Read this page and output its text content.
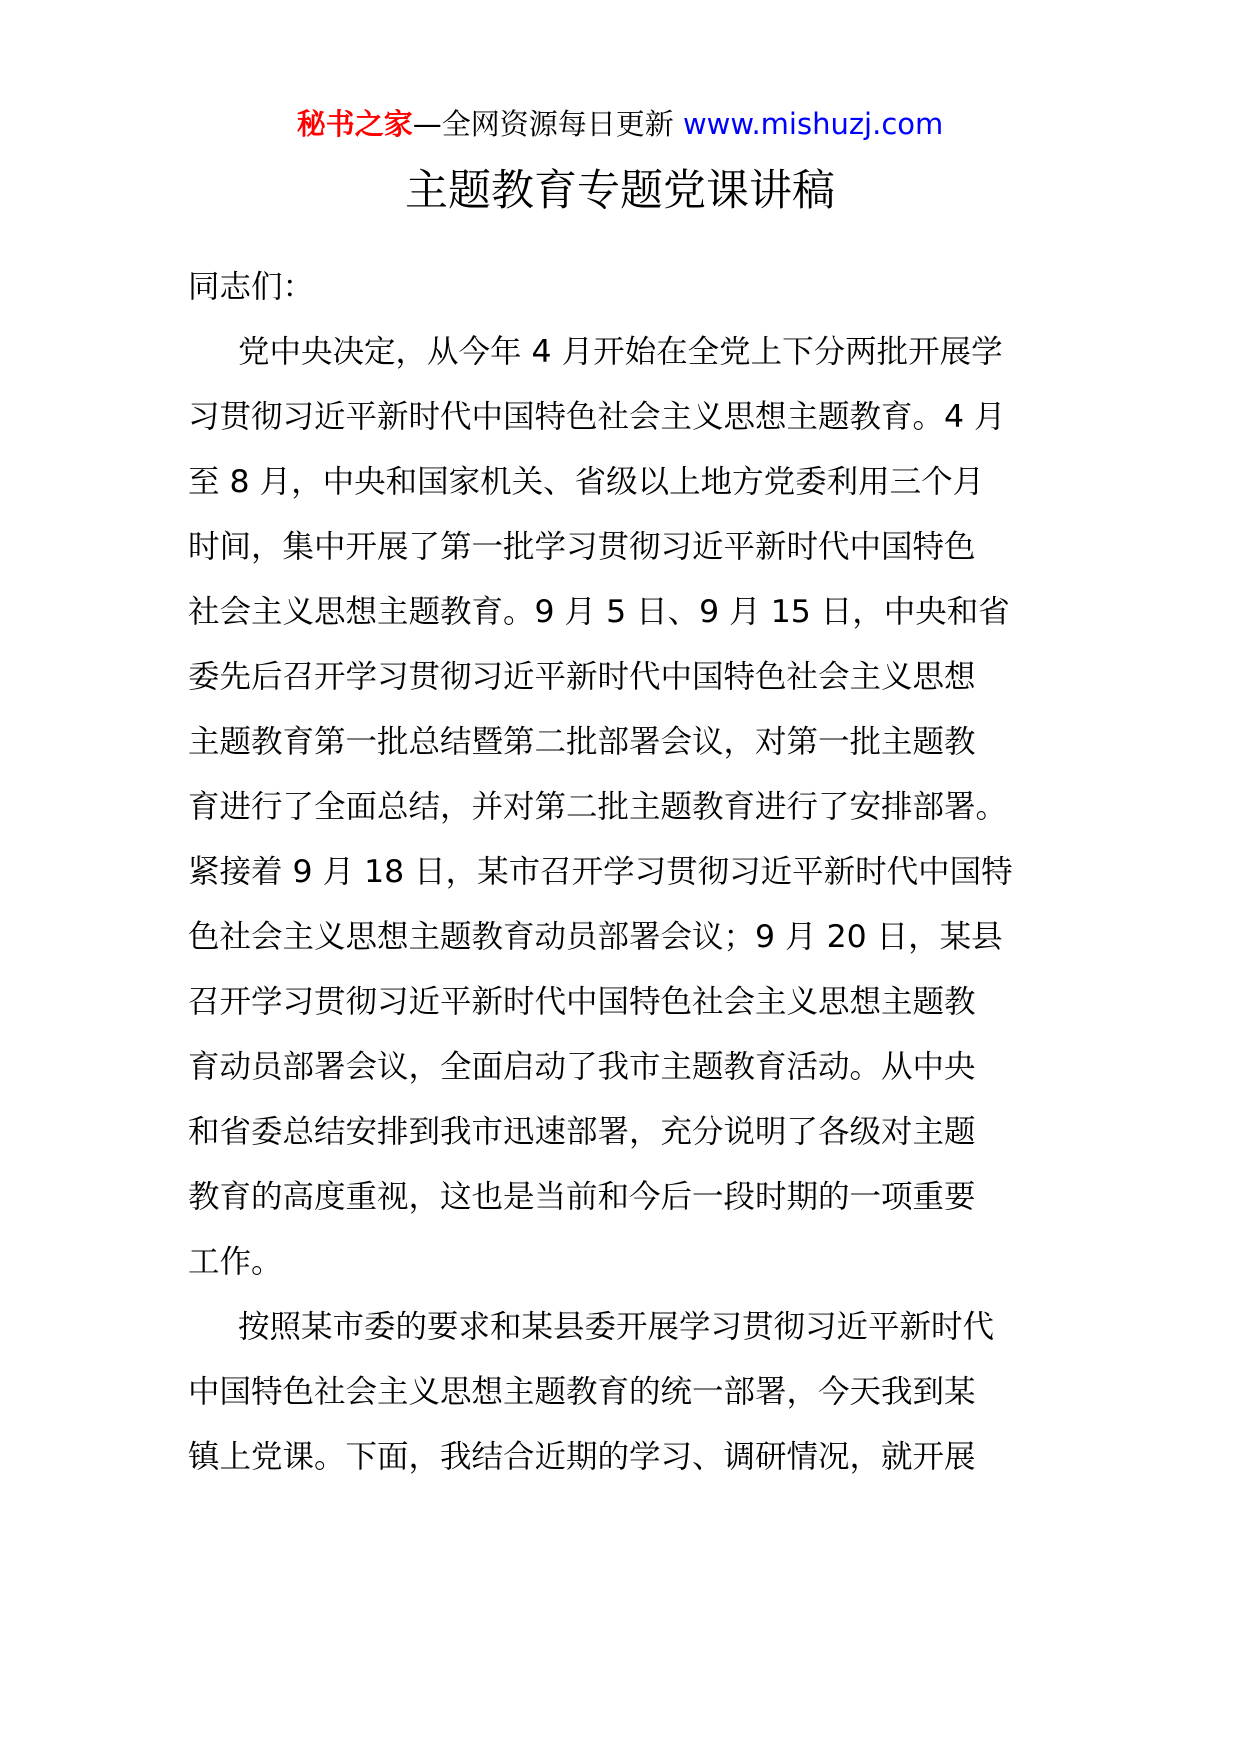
秘书之家—全网资源每日更新 www.mishuzj.com
主题教育专题党课讲稿

同志们：

党中央决定，从今年 4 月开始在全党上下分两批开展学
习贯彻习近平新时代中国特色社会主义思想主题教育。4 月
至 8 月，中央和国家机关、省级以上地方党委利用三个月
时间，集中开展了第一批学习贯彻习近平新时代中国特色
社会主义思想主题教育。9 月 5 日、9 月 15 日，中央和省
委先后召开学习贯彻习近平新时代中国特色社会主义思想
主题教育第一批总结暨第二批部署会议，对第一批主题教
育进行了全面总结，并对第二批主题教育进行了安排部署。
紧接着 9 月 18 日，某市召开学习贯彻习近平新时代中国特
色社会主义思想主题教育动员部署会议；9 月 20 日，某县
召开学习贯彻习近平新时代中国特色社会主义思想主题教
育动员部署会议，全面启动了我市主题教育活动。从中央
和省委总结安排到我市迅速部署，充分说明了各级对主题
教育的高度重视，这也是当前和今后一段时期的一项重要
工作。

按照某市委的要求和某县委开展学习贯彻习近平新时代
中国特色社会主义思想主题教育的统一部署，今天我到某
镇上党课。下面，我结合近期的学习、调研情况，就开展
